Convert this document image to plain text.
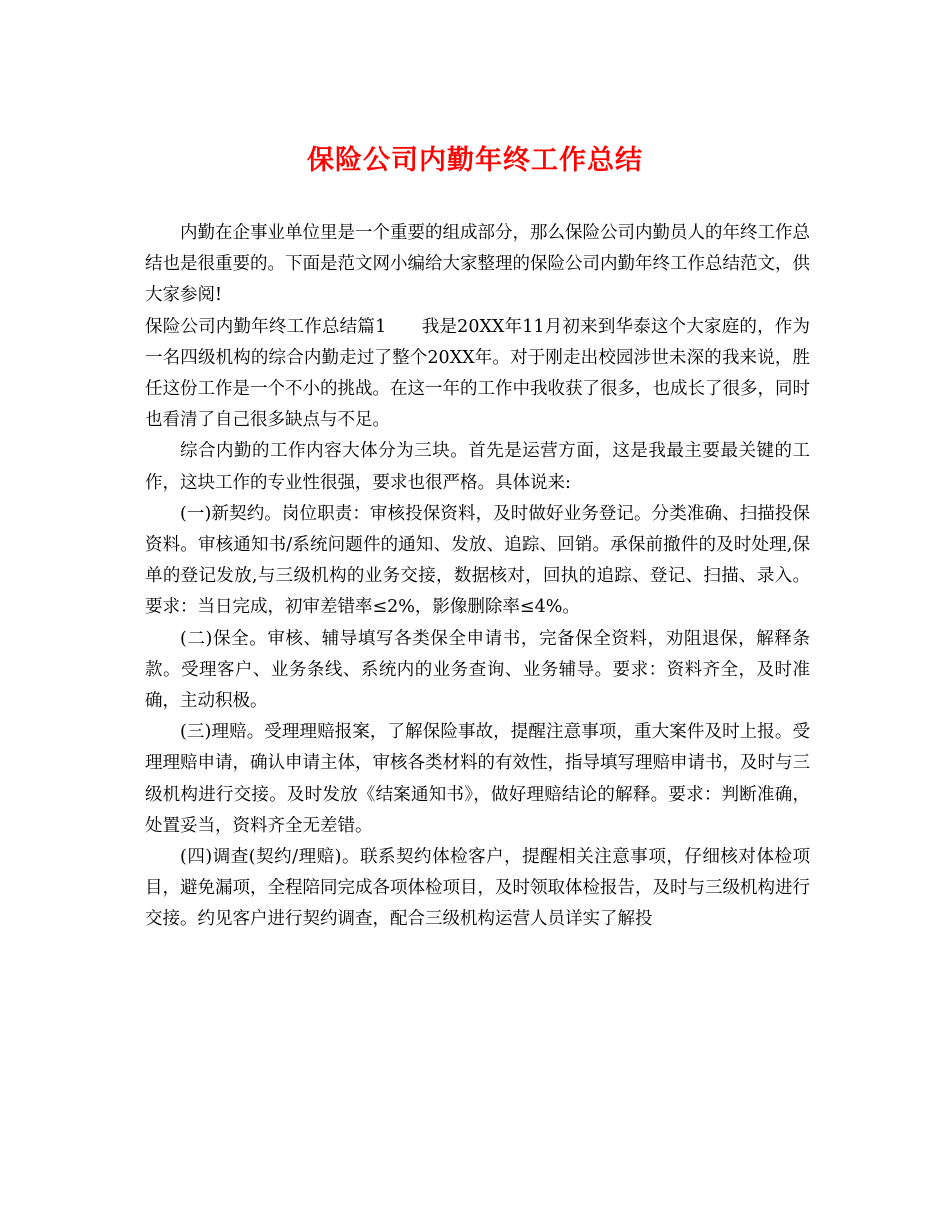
保险公司内勤年终工作总结

内勤在企事业单位里是一个重要的组成部分，那么保险公司内勤员人的年终工作总结也是很重要的。下面是范文网小编给大家整理的保险公司内勤年终工作总结范文，供大家参阅!

保险公司内勤年终工作总结篇1　　我是20XX年11月初来到华泰这个大家庭的，作为一名四级机构的综合内勤走过了整个20XX年。对于刚走出校园涉世未深的我来说，胜任这份工作是一个不小的挑战。在这一年的工作中我收获了很多，也成长了很多，同时也看清了自己很多缺点与不足。

综合内勤的工作内容大体分为三块。首先是运营方面，这是我最主要最关键的工作，这块工作的专业性很强，要求也很严格。具体说来:

(一)新契约。岗位职责：审核投保资料，及时做好业务登记。分类准确、扫描投保资料。审核通知书/系统问题件的通知、发放、追踪、回销。承保前撤件的及时处理,保单的登记发放,与三级机构的业务交接，数据核对，回执的追踪、登记、扫描、录入。要求：当日完成，初审差错率≤2%，影像删除率≤4%。

(二)保全。审核、辅导填写各类保全申请书，完备保全资料，劝阻退保，解释条款。受理客户、业务条线、系统内的业务查询、业务辅导。要求：资料齐全，及时准确，主动积极。

(三)理赔。受理理赔报案，了解保险事故，提醒注意事项，重大案件及时上报。受理理赔申请，确认申请主体，审核各类材料的有效性，指导填写理赔申请书，及时与三级机构进行交接。及时发放《结案通知书》，做好理赔结论的解释。要求：判断准确，处置妥当，资料齐全无差错。

(四)调查(契约/理赔)。联系契约体检客户，提醒相关注意事项，仔细核对体检项目，避免漏项，全程陪同完成各项体检项目，及时领取体检报告，及时与三级机构进行交接。约见客户进行契约调查，配合三级机构运营人员详实了解投
